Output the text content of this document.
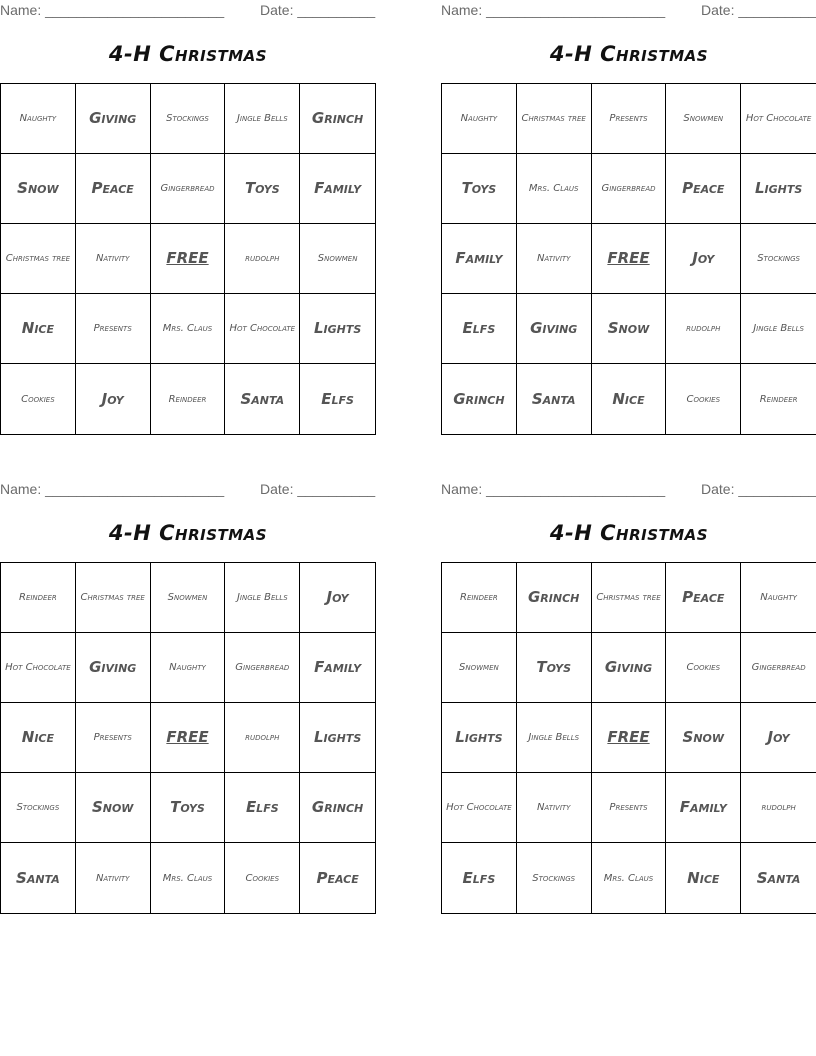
Name: _______________________	Date: __________
4-H Christmas
Naughty	Giving	Stockings	Jingle Bells	Grinch
Snow	Peace	Gingerbread	Toys	Family
Christmas tree	Nativity	FREE	rudolph	Snowmen
Nice	Presents	Mrs. Claus	Hot Chocolate	Lights
Cookies	Joy	Reindeer	Santa	Elfs
Name: _______________________	Date: __________
4-H Christmas
Naughty	Christmas tree	Presents	Snowmen	Hot Chocolate
Toys	Mrs. Claus	Gingerbread	Peace	Lights
Family	Nativity	FREE	Joy	Stockings
Elfs	Giving	Snow	rudolph	Jingle Bells
Grinch	Santa	Nice	Cookies	Reindeer
Name: _______________________	Date: __________
4-H Christmas
Reindeer	Christmas tree	Snowmen	Jingle Bells	Joy
Hot Chocolate	Giving	Naughty	Gingerbread	Family
Nice	Presents	FREE	rudolph	Lights
Stockings	Snow	Toys	Elfs	Grinch
Santa	Nativity	Mrs. Claus	Cookies	Peace
Name: _______________________	Date: __________
4-H Christmas
Reindeer	Grinch	Christmas tree	Peace	Naughty
Snowmen	Toys	Giving	Cookies	Gingerbread
Lights	Jingle Bells	FREE	Snow	Joy
Hot Chocolate	Nativity	Presents	Family	rudolph
Elfs	Stockings	Mrs. Claus	Nice	Santa
